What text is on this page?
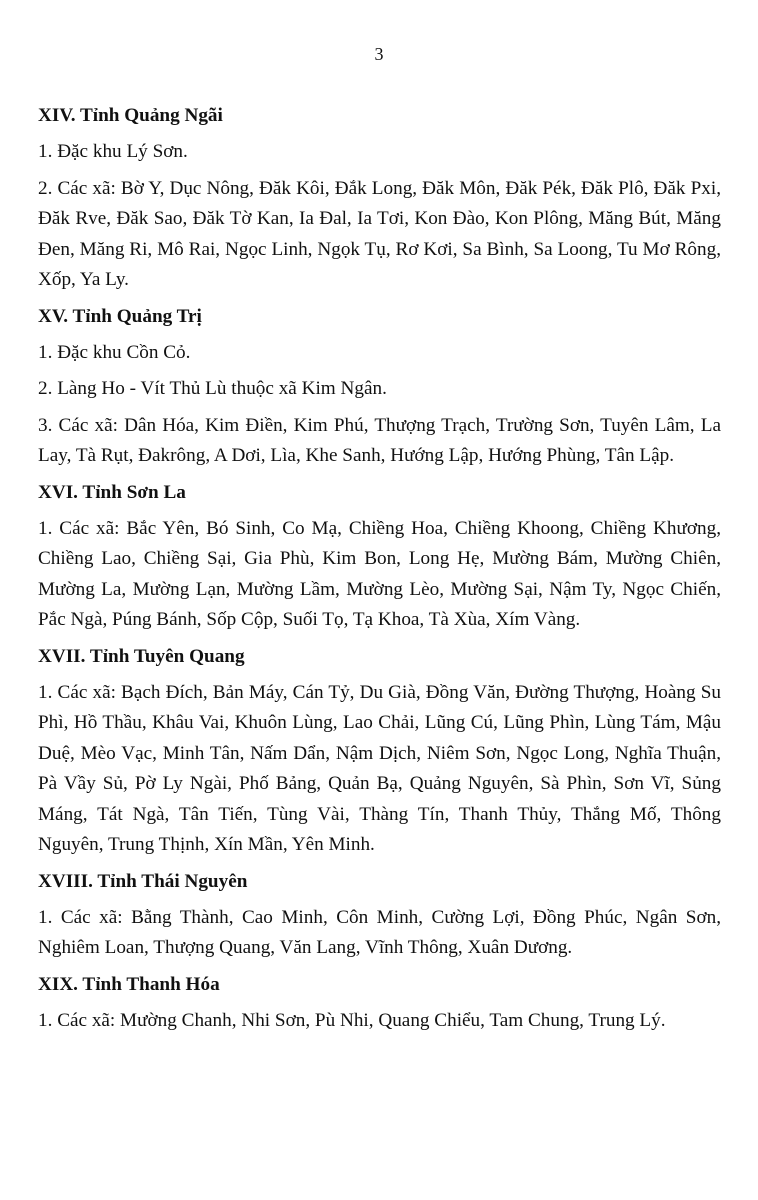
3
XIV. Tỉnh Quảng Ngãi
1. Đặc khu Lý Sơn.
2. Các xã: Bờ Y, Dục Nông, Đăk Kôi, Đắk Long, Đăk Môn, Đăk Pék, Đăk Plô, Đăk Pxi, Đăk Rve, Đăk Sao, Đăk Tờ Kan, Ia Đal, Ia Tơi, Kon Đào, Kon Plông, Măng Bút, Măng Đen, Măng Ri, Mô Rai, Ngọc Linh, Ngọk Tụ, Rơ Kơi, Sa Bình, Sa Loong, Tu Mơ Rông, Xốp, Ya Ly.
XV. Tỉnh Quảng Trị
1. Đặc khu Cồn Cỏ.
2. Làng Ho - Vít Thủ Lù thuộc xã Kim Ngân.
3. Các xã: Dân Hóa, Kim Điền, Kim Phú, Thượng Trạch, Trường Sơn, Tuyên Lâm, La Lay, Tà Rụt, Đakrông, A Dơi, Lìa, Khe Sanh, Hướng Lập, Hướng Phùng, Tân Lập.
XVI. Tỉnh Sơn La
1. Các xã: Bắc Yên, Bó Sinh, Co Mạ, Chiềng Hoa, Chiềng Khoong, Chiềng Khương, Chiềng Lao, Chiềng Sại, Gia Phù, Kim Bon, Long Hẹ, Mường Bám, Mường Chiên, Mường La, Mường Lạn, Mường Lầm, Mường Lèo, Mường Sại, Nậm Ty, Ngọc Chiến, Pắc Ngà, Púng Bánh, Sốp Cộp, Suối Tọ, Tạ Khoa, Tà Xùa, Xím Vàng.
XVII. Tỉnh Tuyên Quang
1. Các xã: Bạch Đích, Bản Máy, Cán Tỷ, Du Già, Đồng Văn, Đường Thượng, Hoàng Su Phì, Hồ Thầu, Khâu Vai, Khuôn Lùng, Lao Chải, Lũng Cú, Lũng Phìn, Lùng Tám, Mậu Duệ, Mèo Vạc, Minh Tân, Nấm Dẩn, Nậm Dịch, Niêm Sơn, Ngọc Long, Nghĩa Thuận, Pà Vầy Sủ, Pờ Ly Ngài, Phố Bảng, Quản Bạ, Quảng Nguyên, Sà Phìn, Sơn Vĩ, Sủng Máng, Tát Ngà, Tân Tiến, Tùng Vài, Thàng Tín, Thanh Thủy, Thắng Mố, Thông Nguyên, Trung Thịnh, Xín Mần, Yên Minh.
XVIII. Tỉnh Thái Nguyên
1. Các xã: Bằng Thành, Cao Minh, Côn Minh, Cường Lợi, Đồng Phúc, Ngân Sơn, Nghiêm Loan, Thượng Quang, Văn Lang, Vĩnh Thông, Xuân Dương.
XIX. Tỉnh Thanh Hóa
1. Các xã: Mường Chanh, Nhi Sơn, Pù Nhi, Quang Chiểu, Tam Chung, Trung Lý.
